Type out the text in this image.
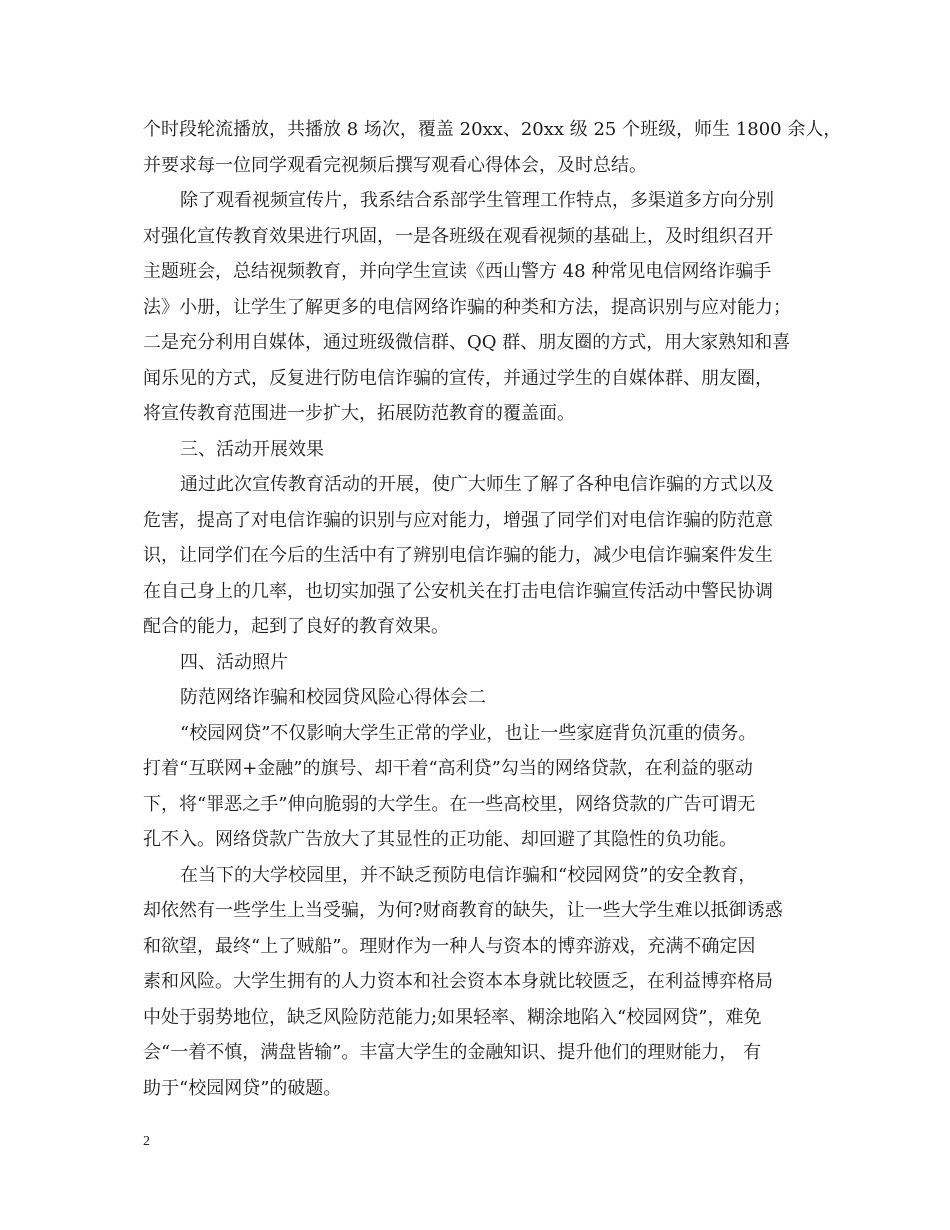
个时段轮流播放，共播放 8 场次，覆盖 20xx、20xx 级 25 个班级，师生 1800 余人，
并要求每一位同学观看完视频后撰写观看心得体会，及时总结。

除了观看视频宣传片，我系结合系部学生管理工作特点，多渠道多方向分别
对强化宣传教育效果进行巩固，一是各班级在观看视频的基础上，及时组织召开
主题班会，总结视频教育，并向学生宣读《西山警方 48 种常见电信网络诈骗手
法》小册，让学生了解更多的电信网络诈骗的种类和方法，提高识别与应对能力；
二是充分利用自媒体，通过班级微信群、QQ 群、朋友圈的方式，用大家熟知和喜
闻乐见的方式，反复进行防电信诈骗的宣传，并通过学生的自媒体群、朋友圈，
将宣传教育范围进一步扩大，拓展防范教育的覆盖面。

三、活动开展效果

通过此次宣传教育活动的开展，使广大师生了解了各种电信诈骗的方式以及
危害，提高了对电信诈骗的识别与应对能力，增强了同学们对电信诈骗的防范意
识，让同学们在今后的生活中有了辨别电信诈骗的能力，减少电信诈骗案件发生
在自己身上的几率，也切实加强了公安机关在打击电信诈骗宣传活动中警民协调
配合的能力，起到了良好的教育效果。

四、活动照片

防范网络诈骗和校园贷风险心得体会二

“校园网贷”不仅影响大学生正常的学业，也让一些家庭背负沉重的债务。
打着“互联网+金融”的旗号、却干着“高利贷”勾当的网络贷款，在利益的驱动
下，将“罪恶之手”伸向脆弱的大学生。在一些高校里，网络贷款的广告可谓无
孔不入。网络贷款广告放大了其显性的正功能、却回避了其隐性的负功能。

在当下的大学校园里，并不缺乏预防电信诈骗和“校园网贷”的安全教育，
却依然有一些学生上当受骗，为何?财商教育的缺失，让一些大学生难以抵御诱惑
和欲望，最终“上了贼船”。理财作为一种人与资本的博弈游戏，充满不确定因
素和风险。大学生拥有的人力资本和社会资本本身就比较匮乏，在利益博弈格局
中处于弱势地位，缺乏风险防范能力;如果轻率、糊涂地陷入“校园网贷”，难免
会“一着不慎，满盘皆输”。丰富大学生的金融知识、提升他们的理财能力， 有
助于“校园网贷”的破题。

2
